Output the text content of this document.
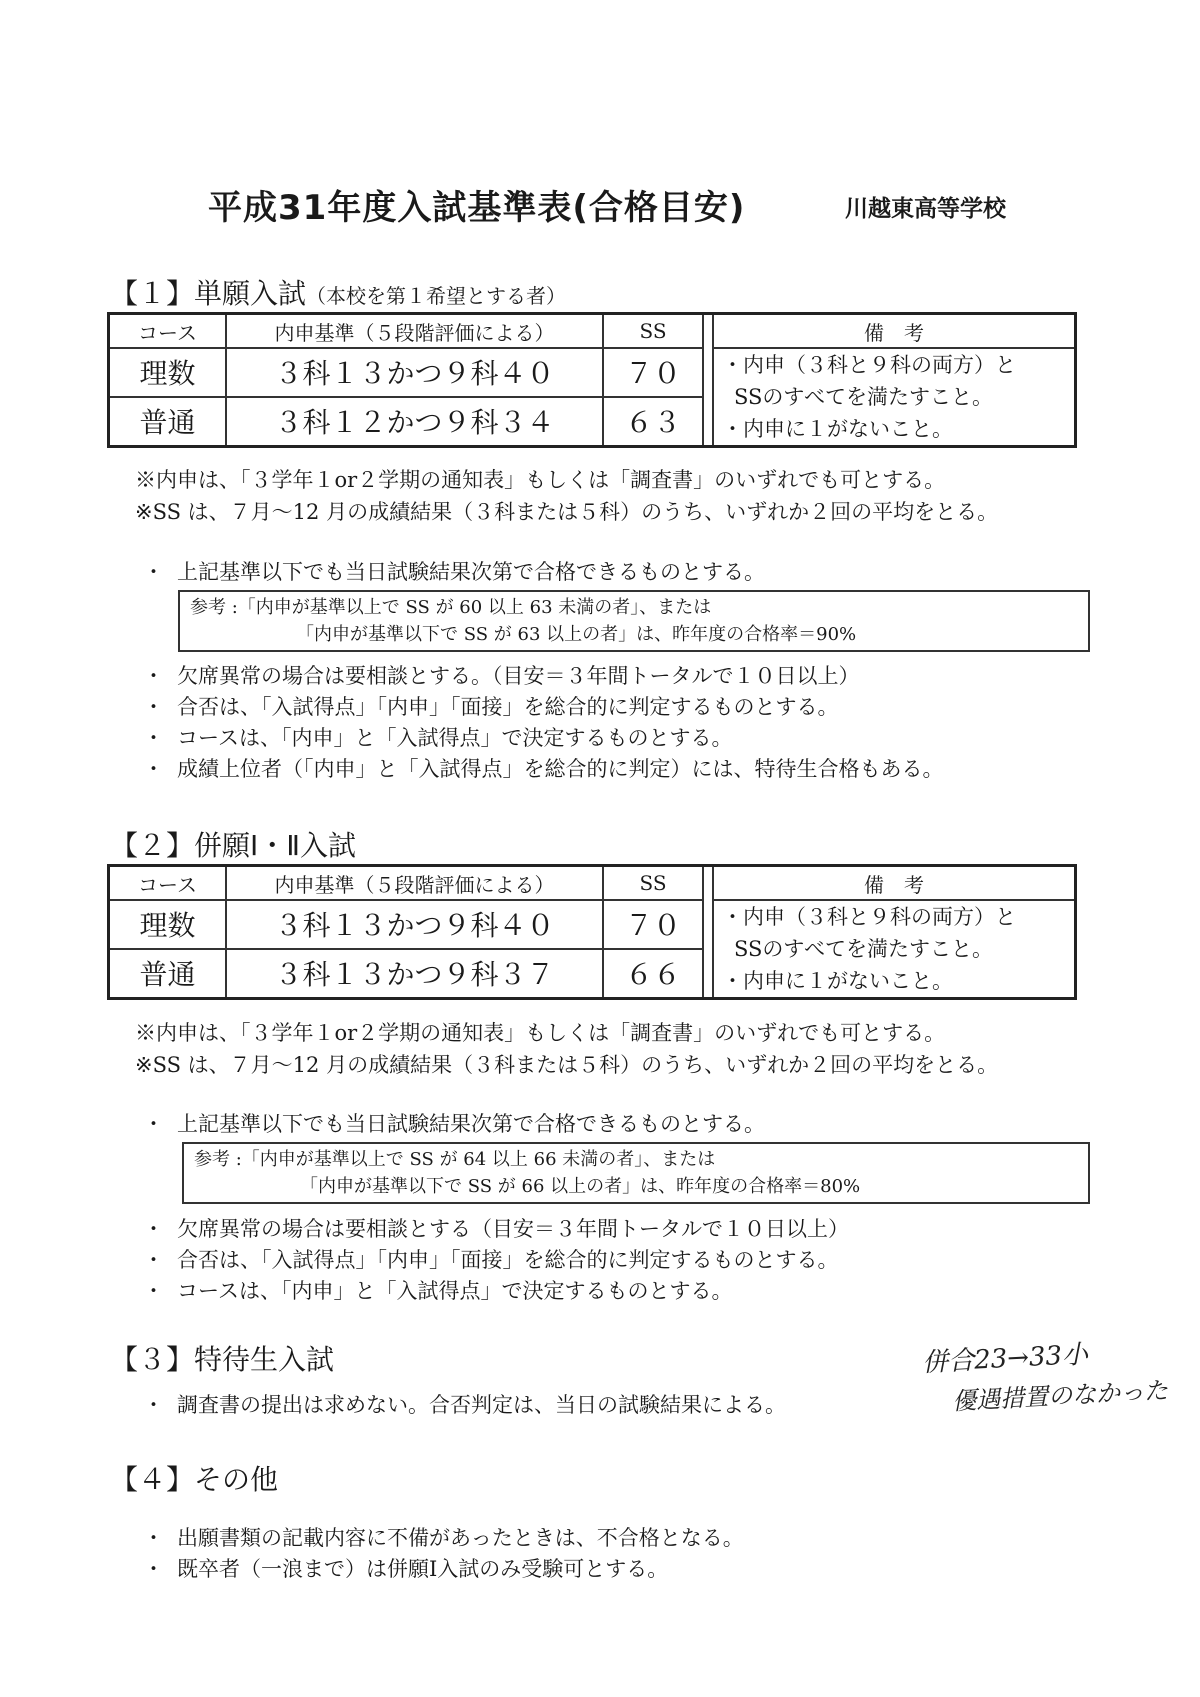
平成31年度入試基準表(合格目安)	川越東高等学校
【１】単願入試（本校を第１希望とする者）
コース	内申基準（５段階評価による）	SS		備　考
理数	３科１３かつ９科４０	７０		・内申（３科と９科の両方）と
SSのすべてを満たすこと。
・内申に１がないこと。

普通	３科１２かつ９科３４	６３		
※内申は、「３学年１or２学期の通知表」もしくは「調査書」のいずれでも可とする。
※SS は、７月～12 月の成績結果（３科または５科）のうち、いずれか２回の平均をとる。
・ 上記基準以下でも当日試験結果次第で合格できるものとする。
参考 :「内申が基準以上で SS が 60 以上 63 未満の者」、または
「内申が基準以下で SS が 63 以上の者」は、昨年度の合格率＝90%
・ 欠席異常の場合は要相談とする。（目安＝３年間トータルで１０日以上）
・ 合否は、「入試得点」「内申」「面接」を総合的に判定するものとする。
・ コースは、「内申」と「入試得点」で決定するものとする。
・ 成績上位者（「内申」と「入試得点」を総合的に判定）には、特待生合格もある。
【２】併願Ⅰ・Ⅱ入試
コース	内申基準（５段階評価による）	SS		備　考
理数	３科１３かつ９科４０	７０		・内申（３科と９科の両方）と
SSのすべてを満たすこと。
・内申に１がないこと。

普通	３科１３かつ９科３７	６６		
※内申は、「３学年１or２学期の通知表」もしくは「調査書」のいずれでも可とする。
※SS は、７月～12 月の成績結果（３科または５科）のうち、いずれか２回の平均をとる。
・ 上記基準以下でも当日試験結果次第で合格できるものとする。
参考 :「内申が基準以上で SS が 64 以上 66 未満の者」、または
「内申が基準以下で SS が 66 以上の者」は、昨年度の合格率＝80%
・ 欠席異常の場合は要相談とする（目安＝３年間トータルで１０日以上）
・ 合否は、「入試得点」「内申」「面接」を総合的に判定するものとする。
・ コースは、「内申」と「入試得点」で決定するものとする。
【３】特待生入試
・ 調査書の提出は求めない。合否判定は、当日の試験結果による。
併合23→33小
優遇措置のなかった
【４】その他
・ 出願書類の記載内容に不備があったときは、不合格となる。
・ 既卒者（一浪まで）は併願Ⅰ入試のみ受験可とする。
